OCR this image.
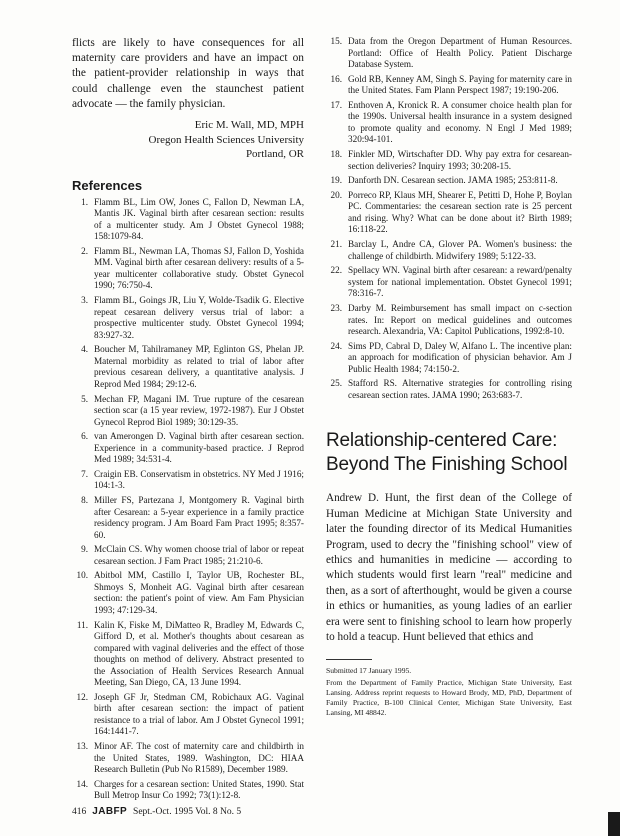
flicts are likely to have consequences for all maternity care providers and have an impact on the patient-provider relationship in ways that could challenge even the staunchest patient advocate — the family physician.

Eric M. Wall, MD, MPH
Oregon Health Sciences University
Portland, OR
References
1. Flamm BL, Lim OW, Jones C, Fallon D, Newman LA, Mantis JK. Vaginal birth after cesarean section: results of a multicenter study. Am J Obstet Gynecol 1988; 158:1079-84.
2. Flamm BL, Newman LA, Thomas SJ, Fallon D, Yoshida MM. Vaginal birth after cesarean delivery: results of a 5-year multicenter collaborative study. Obstet Gynecol 1990; 76:750-4.
3. Flamm BL, Goings JR, Liu Y, Wolde-Tsadik G. Elective repeat cesarean delivery versus trial of labor: a prospective multicenter study. Obstet Gynecol 1994; 83:927-32.
4. Boucher M, Tahilramaney MP, Eglinton GS, Phelan JP. Maternal morbidity as related to trial of labor after previous cesarean delivery, a quantitative analysis. J Reprod Med 1984; 29:12-6.
5. Mechan FP, Magani IM. True rupture of the cesarean section scar (a 15 year review, 1972-1987). Eur J Obstet Gynecol Reprod Biol 1989; 30:129-35.
6. van Amerongen D. Vaginal birth after cesarean section. Experience in a community-based practice. J Reprod Med 1989; 34:531-4.
7. Craigin EB. Conservatism in obstetrics. NY Med J 1916; 104:1-3.
8. Miller FS, Partezana J, Montgomery R. Vaginal birth after Cesarean: a 5-year experience in a family practice residency program. J Am Board Fam Pract 1995; 8:357-60.
9. McClain CS. Why women choose trial of labor or repeat cesarean section. J Fam Pract 1985; 21:210-6.
10. Abitbol MM, Castillo I, Taylor UB, Rochester BL, Shmoys S, Monheit AG. Vaginal birth after cesarean section: the patient's point of view. Am Fam Physician 1993; 47:129-34.
11. Kalin K, Fiske M, DiMatteo R, Bradley M, Edwards C, Gifford D, et al. Mother's thoughts about cesarean as compared with vaginal deliveries and the effect of those thoughts on method of delivery. Abstract presented to the Association of Health Services Research Annual Meeting, San Diego, CA, 13 June 1994.
12. Joseph GF Jr, Stedman CM, Robichaux AG. Vaginal birth after cesarean section: the impact of patient resistance to a trial of labor. Am J Obstet Gynecol 1991; 164:1441-7.
13. Minor AF. The cost of maternity care and childbirth in the United States, 1989. Washington, DC: HIAA Research Bulletin (Pub No R1589), December 1989.
14. Charges for a cesarean section: United States, 1990. Stat Bull Metrop Insur Co 1992; 73(1):12-8.
15. Data from the Oregon Department of Human Resources. Portland: Office of Health Policy. Patient Discharge Database System.
16. Gold RB, Kenney AM, Singh S. Paying for maternity care in the United States. Fam Plann Perspect 1987; 19:190-206.
17. Enthoven A, Kronick R. A consumer choice health plan for the 1990s. Universal health insurance in a system designed to promote quality and economy. N Engl J Med 1989; 320:94-101.
18. Finkler MD, Wirtschafter DD. Why pay extra for cesarean-section deliveries? Inquiry 1993; 30:208-15.
19. Danforth DN. Cesarean section. JAMA 1985; 253:811-8.
20. Porreco RP, Klaus MH, Shearer E, Petitti D, Hohe P, Boylan PC. Commentaries: the cesarean section rate is 25 percent and rising. Why? What can be done about it? Birth 1989; 16:118-22.
21. Barclay L, Andre CA, Glover PA. Women's business: the challenge of childbirth. Midwifery 1989; 5:122-33.
22. Spellacy WN. Vaginal birth after cesarean: a reward/penalty system for national implementation. Obstet Gynecol 1991; 78:316-7.
23. Darby M. Reimbursement has small impact on c-section rates. In: Report on medical guidelines and outcomes research. Alexandria, VA: Capitol Publications, 1992:8-10.
24. Sims PD, Cabral D, Daley W, Alfano L. The incentive plan: an approach for modification of physician behavior. Am J Public Health 1984; 74:150-2.
25. Stafford RS. Alternative strategies for controlling rising cesarean section rates. JAMA 1990; 263:683-7.
Relationship-centered Care:
Beyond The Finishing School

Andrew D. Hunt, the first dean of the College of Human Medicine at Michigan State University and later the founding director of its Medical Humanities Program, used to decry the "finishing school" view of ethics and humanities in medicine — according to which students would first learn "real" medicine and then, as a sort of afterthought, would be given a course in ethics or humanities, as young ladies of an earlier era were sent to finishing school to learn how properly to hold a teacup. Hunt believed that ethics and

Submitted 17 January 1995.

From the Department of Family Practice, Michigan State University, East Lansing. Address reprint requests to Howard Brody, MD, PhD, Department of Family Practice, B-100 Clinical Center, Michigan State University, East Lansing, MI 48842.

416 JABFP Sept.-Oct. 1995 Vol. 8 No. 5
